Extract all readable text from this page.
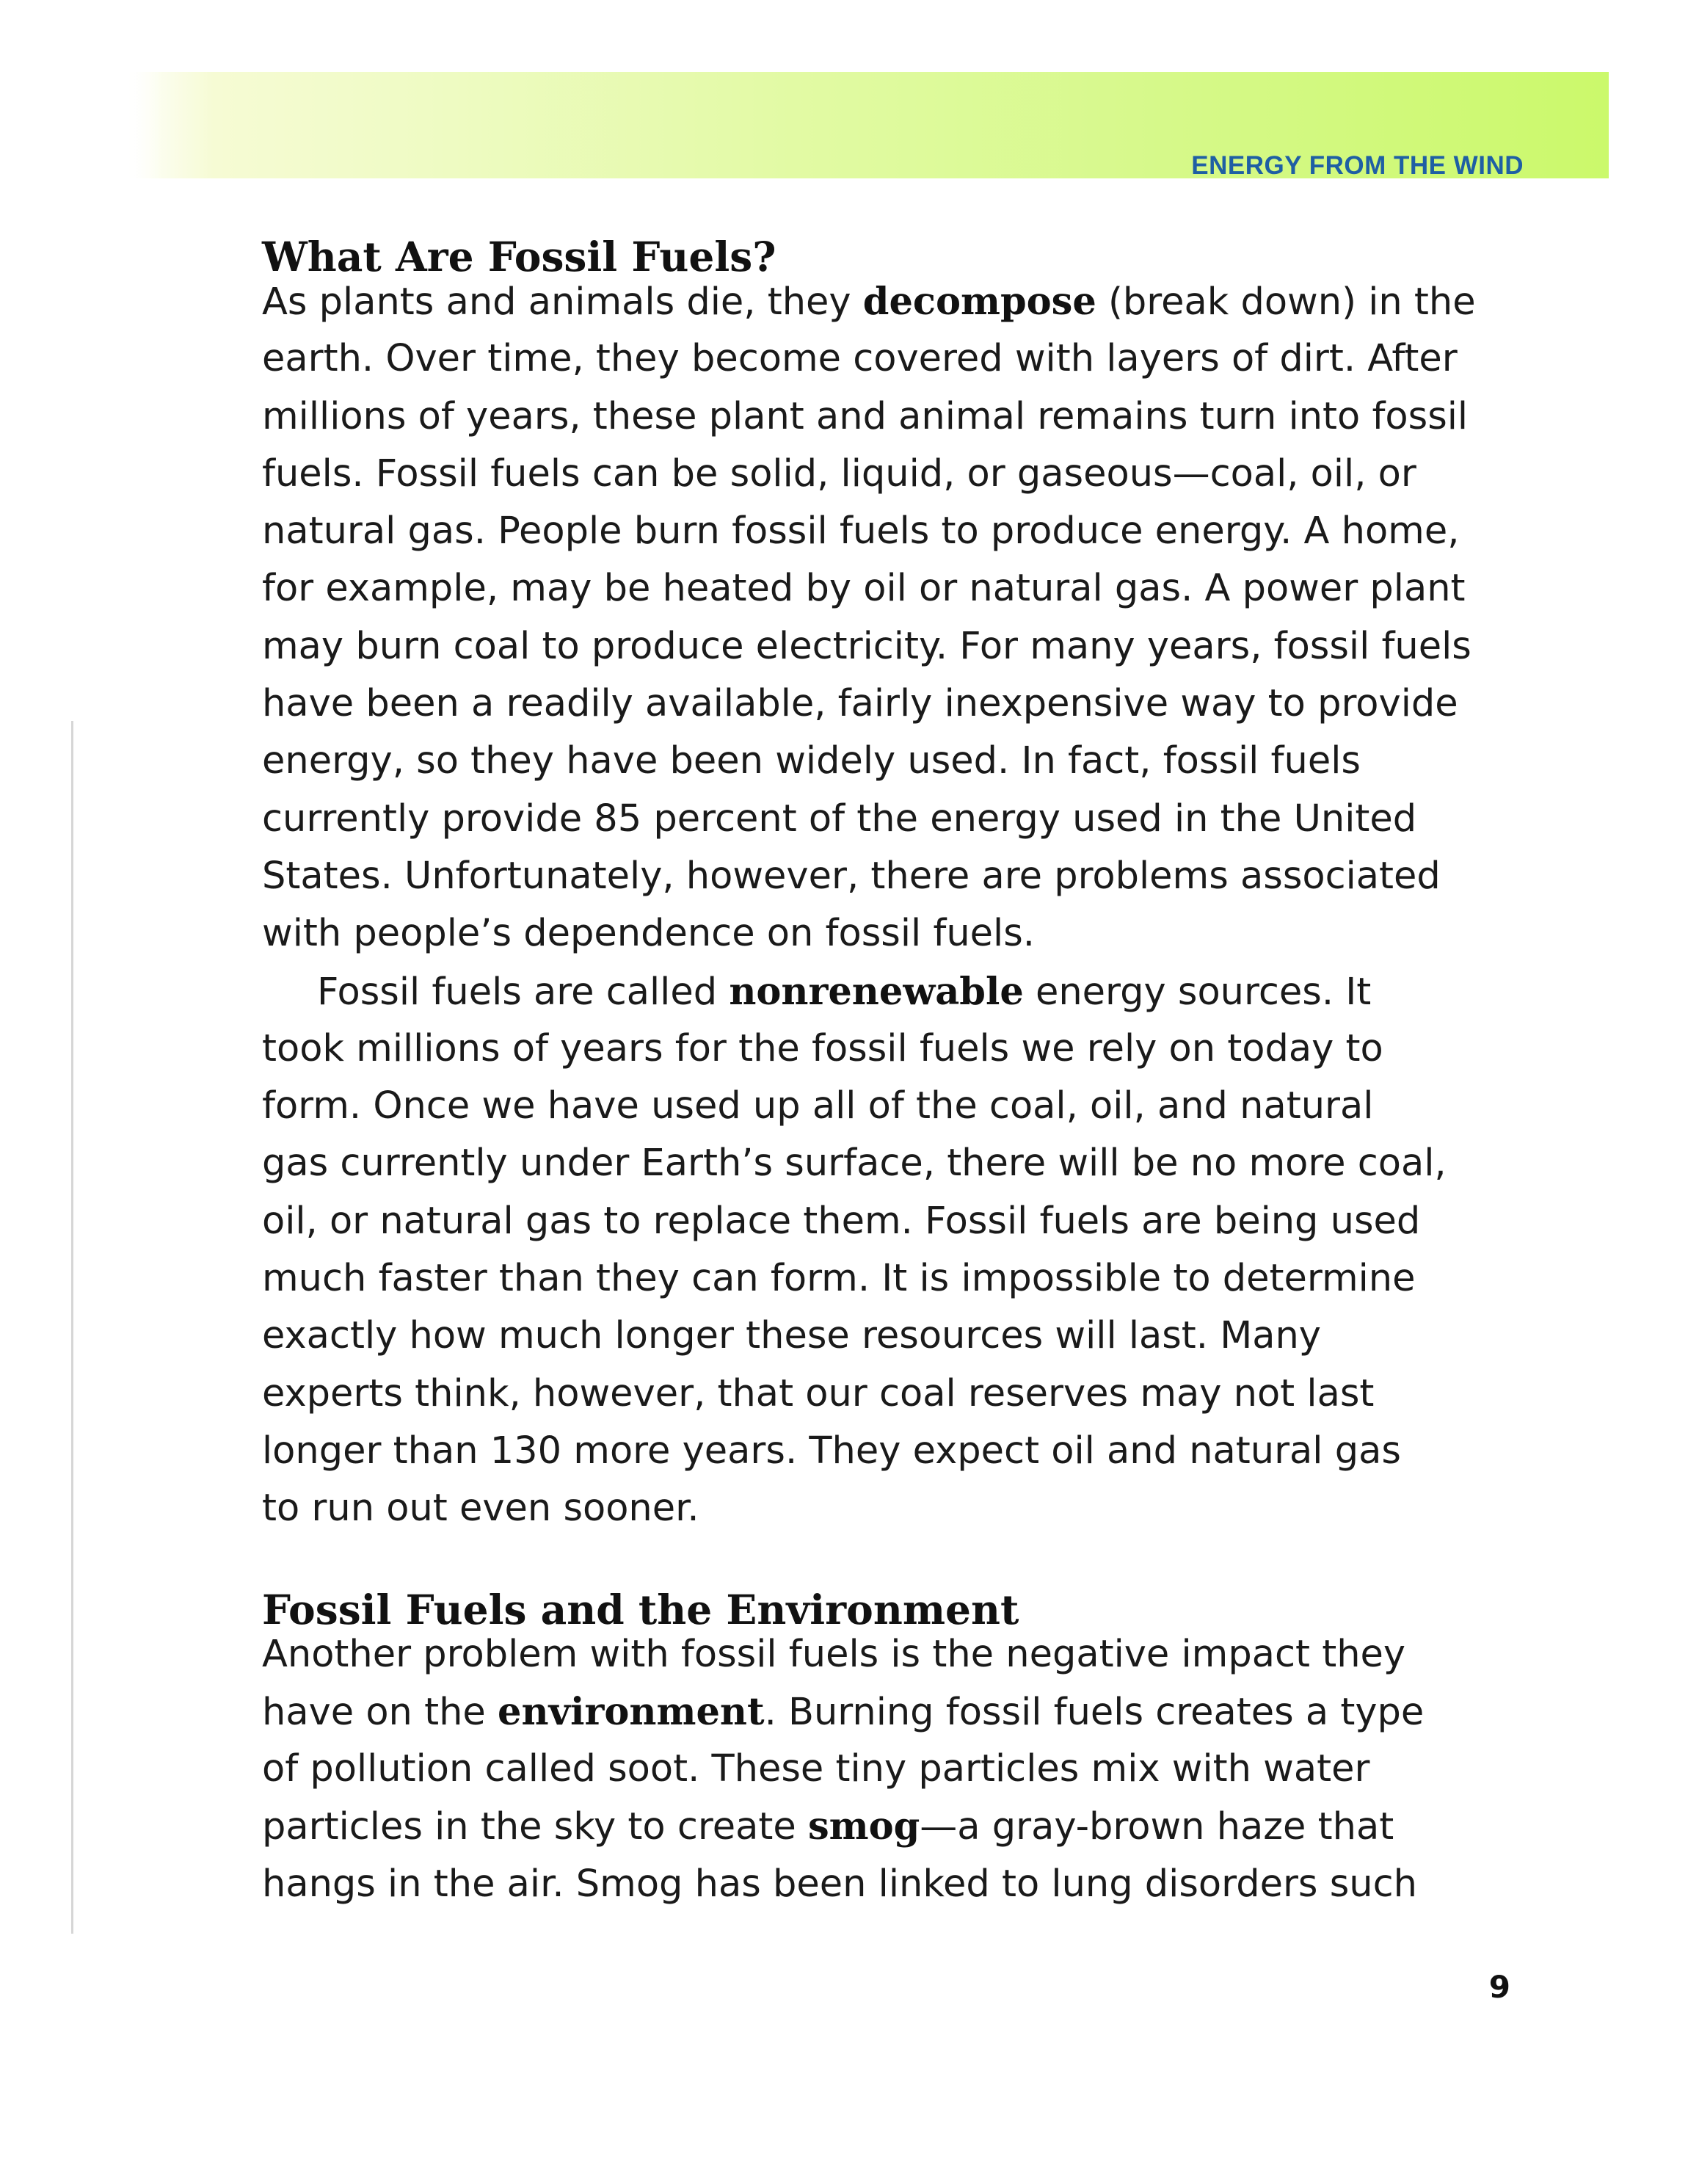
ENERGY FROM THE WIND

What Are Fossil Fuels?

As plants and animals die, they decompose (break down) in the

earth. Over time, they become covered with layers of dirt. After

millions of years, these plant and animal remains turn into fossil

fuels. Fossil fuels can be solid, liquid, or gaseous—coal, oil, or

natural gas. People burn fossil fuels to produce energy. A home,

for example, may be heated by oil or natural gas. A power plant

may burn coal to produce electricity. For many years, fossil fuels

have been a readily available, fairly inexpensive way to provide

energy, so they have been widely used. In fact, fossil fuels

currently provide 85 percent of the energy used in the United

States. Unfortunately, however, there are problems associated

with people’s dependence on fossil fuels.

Fossil fuels are called nonrenewable energy sources. It

took millions of years for the fossil fuels we rely on today to

form. Once we have used up all of the coal, oil, and natural

gas currently under Earth’s surface, there will be no more coal,

oil, or natural gas to replace them. Fossil fuels are being used

much faster than they can form. It is impossible to determine

exactly how much longer these resources will last. Many

experts think, however, that our coal reserves may not last

longer than 130 more years. They expect oil and natural gas

to run out even sooner.

Fossil Fuels and the Environment

Another problem with fossil fuels is the negative impact they

have on the environment. Burning fossil fuels creates a type

of pollution called soot. These tiny particles mix with water

particles in the sky to create smog—a gray-brown haze that

hangs in the air. Smog has been linked to lung disorders such

9
